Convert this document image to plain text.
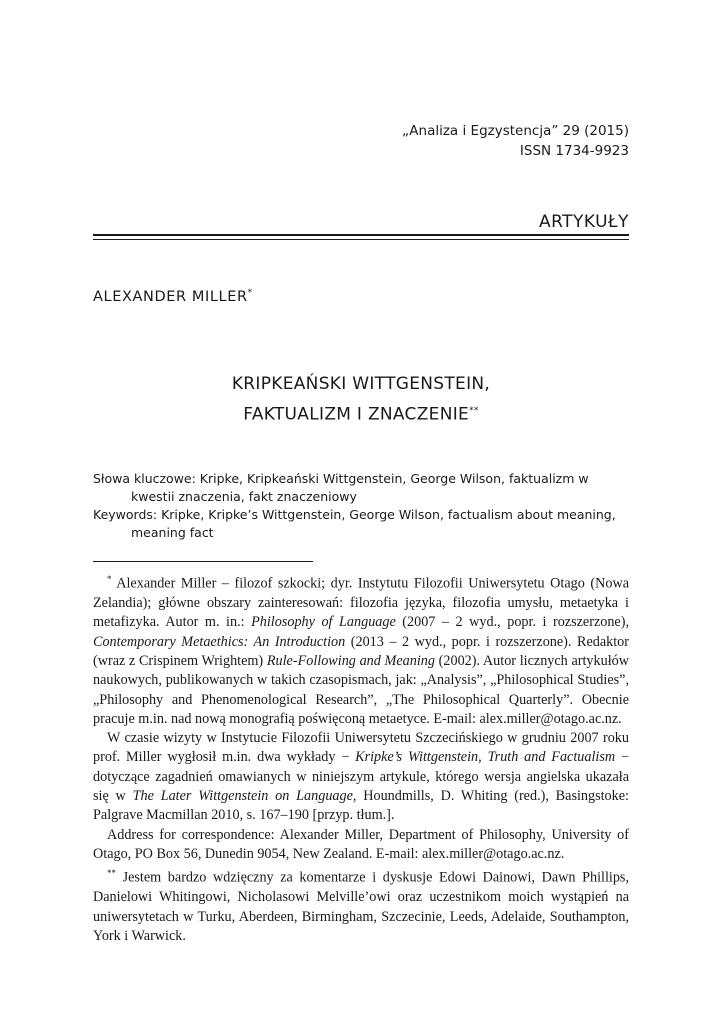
„Analiza i Egzystencja” 29 (2015)
ISSN 1734-9923
ARTYKUŁY
ALEXANDER MILLER*
KRIPKEAŃSKI WITTGENSTEIN,
FAKTUALIZM I ZNACZENIE**
Słowa kluczowe: Kripke, Kripkeański Wittgenstein, George Wilson, faktualizm w kwestii znaczenia, fakt znaczeniowy
Keywords: Kripke, Kripke’s Wittgenstein, George Wilson, factualism about meaning, meaning fact

* Alexander Miller – filozof szkocki; dyr. Instytutu Filozofii Uniwersytetu Otago (Nowa Zelandia); główne obszary zainteresowań: filozofia języka, filozofia umysłu, metaetyka i metafizyka. Autor m. in.: Philosophy of Language (2007 – 2 wyd., popr. i rozszerzone), Contemporary Metaethics: An Introduction (2013 – 2 wyd., popr. i rozszerzone). Redaktor (wraz z Crispinem Wrightem) Rule-Following and Meaning (2002). Autor licznych artykułów naukowych, publikowanych w takich czasopismach, jak: „Analysis”, „Philosophical Studies”, „Philosophy and Phenomenological Research”, „The Philosophical Quarterly”. Obecnie pracuje m.in. nad nową monografią poświęconą metaetyce. E-mail: alex.miller@otago.ac.nz.

W czasie wizyty w Instytucie Filozofii Uniwersytetu Szczecińskiego w grudniu 2007 roku prof. Miller wygłosił m.in. dwa wykłady − Kripke’s Wittgenstein, Truth and Factualism − dotyczące zagadnień omawianych w niniejszym artykule, którego wersja angielska ukazała się w The Later Wittgenstein on Language, Houndmills, D. Whiting (red.), Basingstoke: Palgrave Macmillan 2010, s. 167–190 [przyp. tłum.].

Address for correspondence: Alexander Miller, Department of Philosophy, University of Otago, PO Box 56, Dunedin 9054, New Zealand. E-mail: alex.miller@otago.ac.nz.

** Jestem bardzo wdzięczny za komentarze i dyskusje Edowi Dainowi, Dawn Phillips, Danielowi Whitingowi, Nicholasowi Melville’owi oraz uczestnikom moich wystąpień na uniwersytetach w Turku, Aberdeen, Birmingham, Szczecinie, Leeds, Adelaide, Southampton, York i Warwick.
